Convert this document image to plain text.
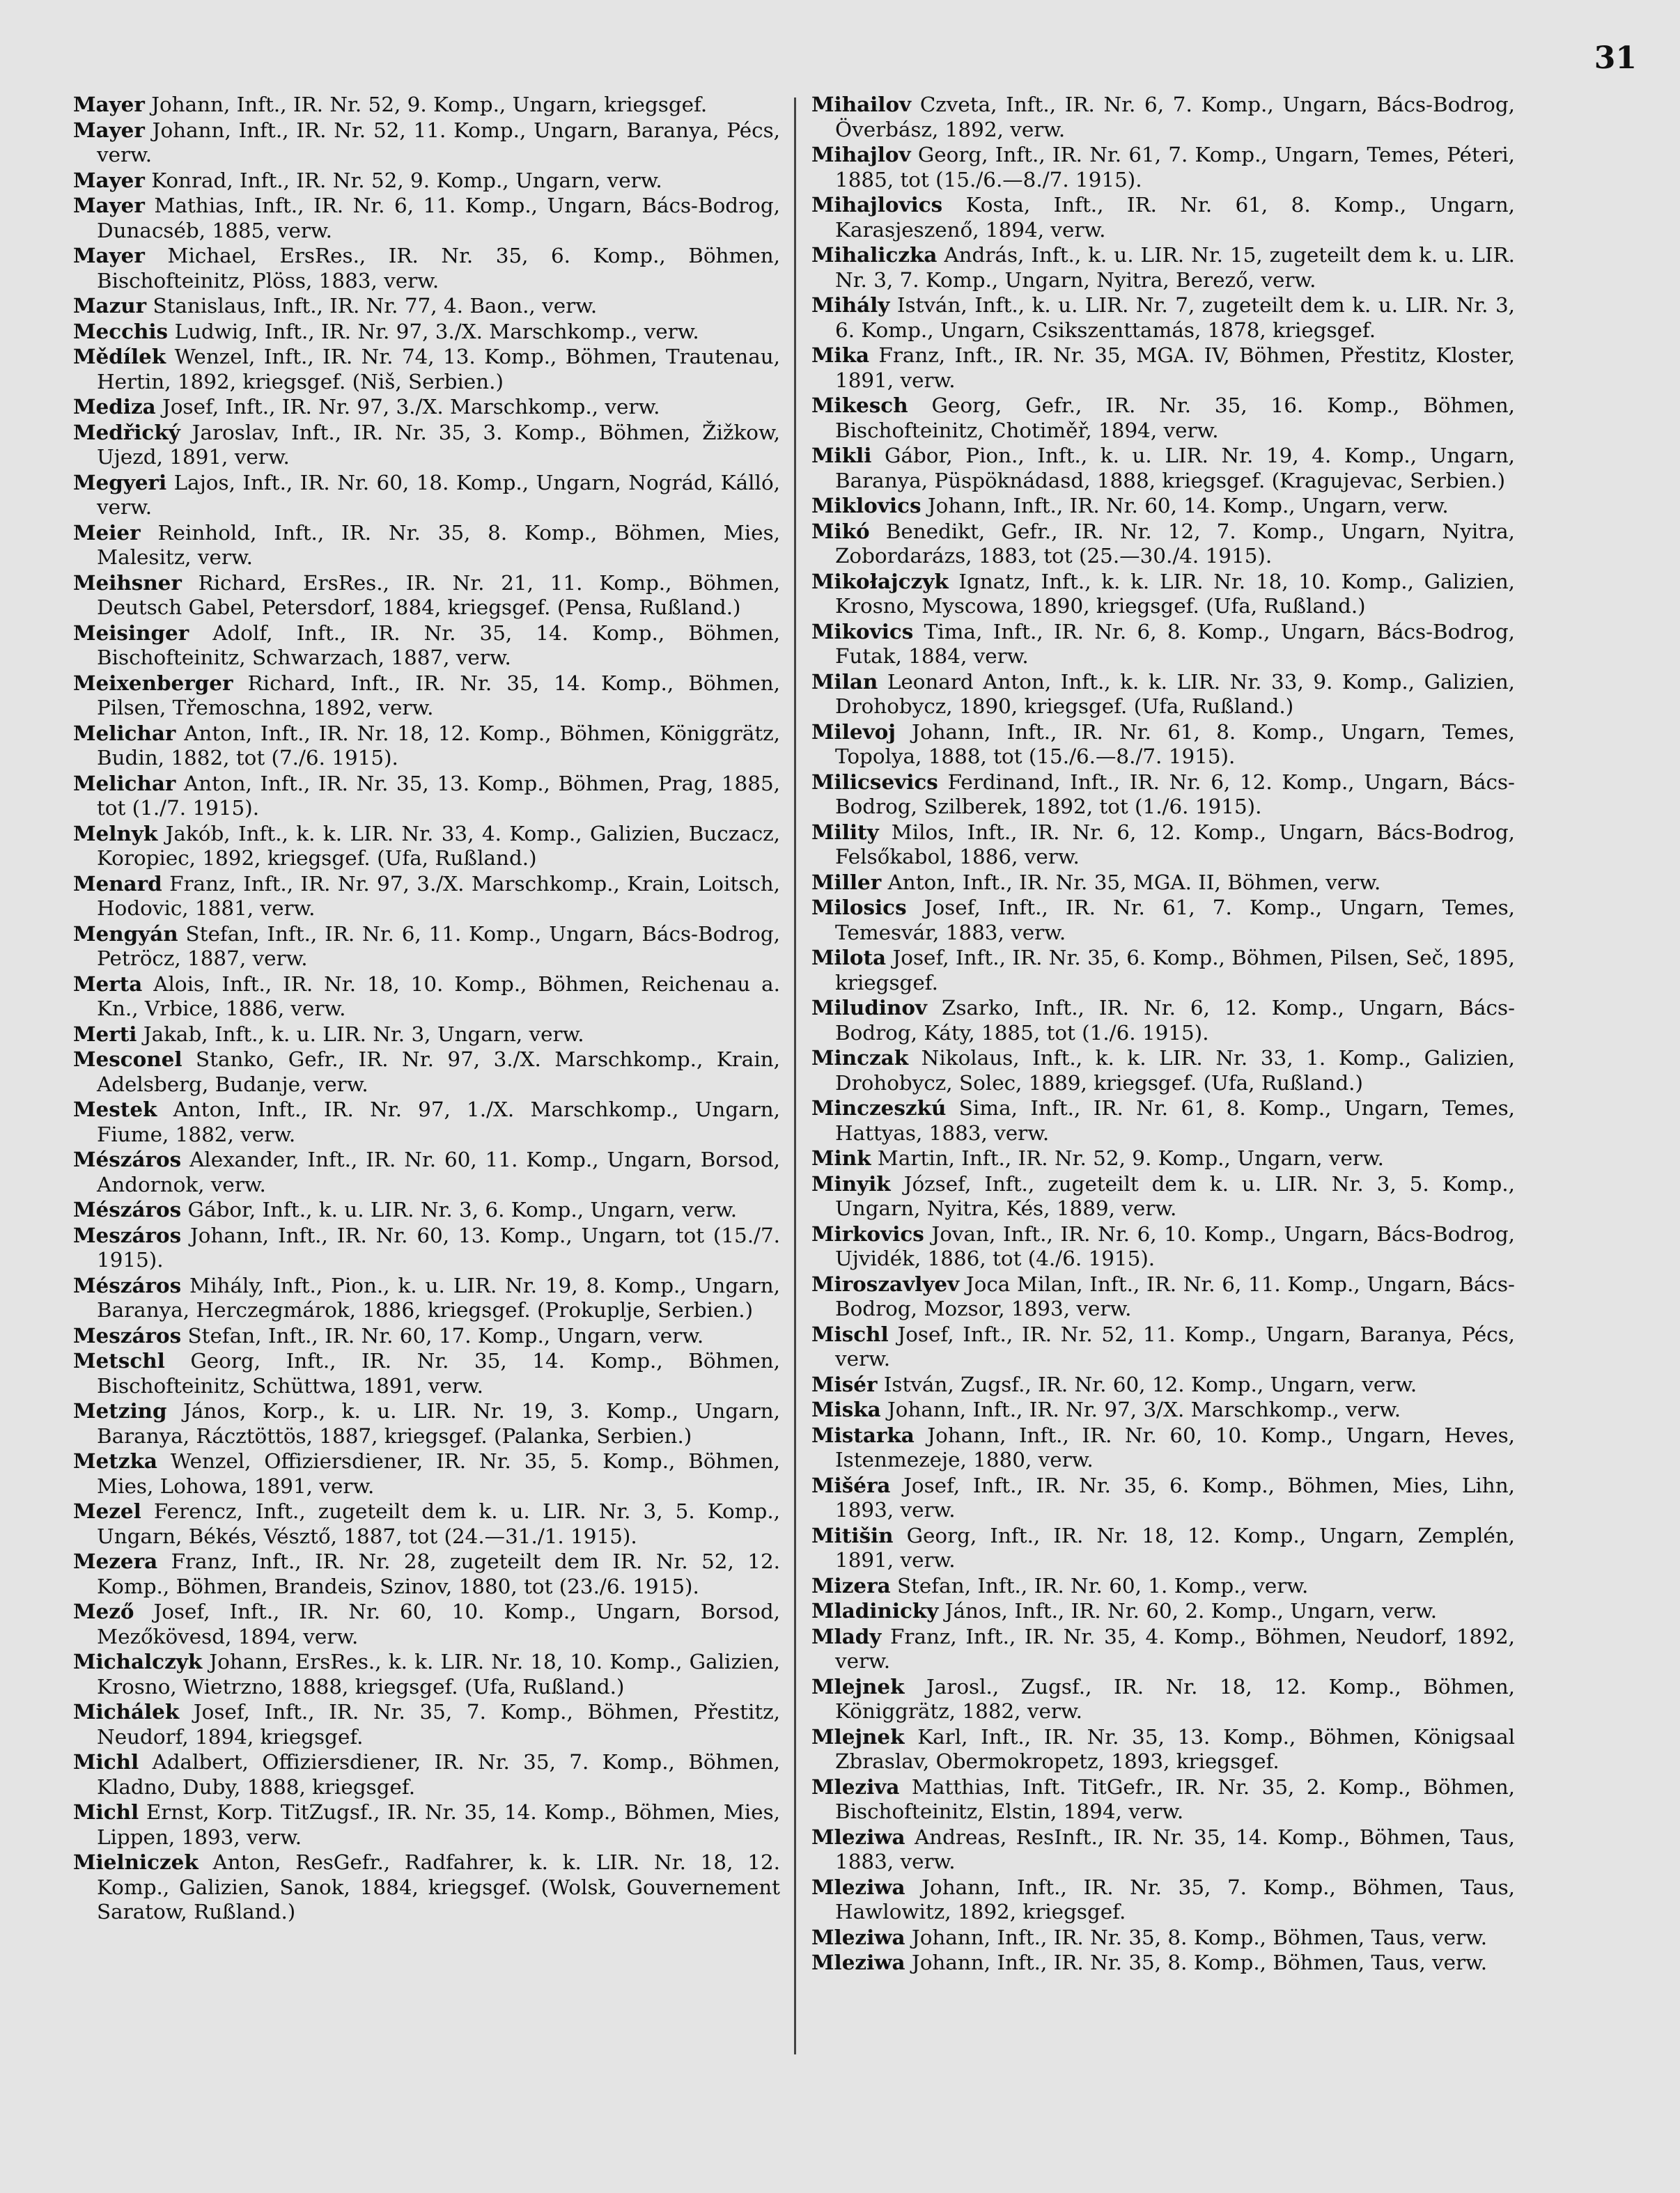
31

Mayer Johann, Inft., IR. Nr. 52, 9. Komp., Ungarn, kriegsgef.

Mayer Johann, Inft., IR. Nr. 52, 11. Komp., Ungarn, Baranya, Pécs, verw.

Mayer Konrad, Inft., IR. Nr. 52, 9. Komp., Ungarn, verw.

Mayer Mathias, Inft., IR. Nr. 6, 11. Komp., Ungarn, Bács-Bodrog, Dunacséb, 1885, verw.

Mayer Michael, ErsRes., IR. Nr. 35, 6. Komp., Böhmen, Bischofteinitz, Plöss, 1883, verw.

Mazur Stanislaus, Inft., IR. Nr. 77, 4. Baon., verw.

Mecchis Ludwig, Inft., IR. Nr. 97, 3./X. Marschkomp., verw.

Mědílek Wenzel, Inft., IR. Nr. 74, 13. Komp., Böhmen, Trautenau, Hertin, 1892, kriegsgef. (Niš, Serbien.)

Mediza Josef, Inft., IR. Nr. 97, 3./X. Marschkomp., verw.

Medřický Jaroslav, Inft., IR. Nr. 35, 3. Komp., Böhmen, Žižkow, Ujezd, 1891, verw.

Megyeri Lajos, Inft., IR. Nr. 60, 18. Komp., Ungarn, Nográd, Kálló, verw.

Meier Reinhold, Inft., IR. Nr. 35, 8. Komp., Böhmen, Mies, Malesitz, verw.

Meihsner Richard, ErsRes., IR. Nr. 21, 11. Komp., Böhmen, Deutsch Gabel, Petersdorf, 1884, kriegsgef. (Pensa, Rußland.)

Meisinger Adolf, Inft., IR. Nr. 35, 14. Komp., Böhmen, Bischofteinitz, Schwarzach, 1887, verw.

Meixenberger Richard, Inft., IR. Nr. 35, 14. Komp., Böhmen, Pilsen, Třemoschna, 1892, verw.

Melichar Anton, Inft., IR. Nr. 18, 12. Komp., Böhmen, Königgrätz, Budin, 1882, tot (7./6. 1915).

Melichar Anton, Inft., IR. Nr. 35, 13. Komp., Böhmen, Prag, 1885, tot (1./7. 1915).

Melnyk Jakób, Inft., k. k. LIR. Nr. 33, 4. Komp., Galizien, Buczacz, Koropiec, 1892, kriegsgef. (Ufa, Rußland.)

Menard Franz, Inft., IR. Nr. 97, 3./X. Marschkomp., Krain, Loitsch, Hodovic, 1881, verw.

Mengyán Stefan, Inft., IR. Nr. 6, 11. Komp., Ungarn, Bács-Bodrog, Petröcz, 1887, verw.

Merta Alois, Inft., IR. Nr. 18, 10. Komp., Böhmen, Reichenau a. Kn., Vrbice, 1886, verw.

Merti Jakab, Inft., k. u. LIR. Nr. 3, Ungarn, verw.

Mesconel Stanko, Gefr., IR. Nr. 97, 3./X. Marschkomp., Krain, Adelsberg, Budanje, verw.

Mestek Anton, Inft., IR. Nr. 97, 1./X. Marschkomp., Ungarn, Fiume, 1882, verw.

Mészáros Alexander, Inft., IR. Nr. 60, 11. Komp., Ungarn, Borsod, Andornok, verw.

Mészáros Gábor, Inft., k. u. LIR. Nr. 3, 6. Komp., Ungarn, verw.

Meszáros Johann, Inft., IR. Nr. 60, 13. Komp., Ungarn, tot (15./7. 1915).

Mészáros Mihály, Inft., Pion., k. u. LIR. Nr. 19, 8. Komp., Ungarn, Baranya, Herczegmárok, 1886, kriegsgef. (Prokuplje, Serbien.)

Meszáros Stefan, Inft., IR. Nr. 60, 17. Komp., Ungarn, verw.

Metschl Georg, Inft., IR. Nr. 35, 14. Komp., Böhmen, Bischofteinitz, Schüttwa, 1891, verw.

Metzing János, Korp., k. u. LIR. Nr. 19, 3. Komp., Ungarn, Baranya, Rácztöttös, 1887, kriegsgef. (Palanka, Serbien.)

Metzka Wenzel, Offiziersdiener, IR. Nr. 35, 5. Komp., Böhmen, Mies, Lohowa, 1891, verw.

Mezel Ferencz, Inft., zugeteilt dem k. u. LIR. Nr. 3, 5. Komp., Ungarn, Békés, Vésztő, 1887, tot (24.—31./1. 1915).

Mezera Franz, Inft., IR. Nr. 28, zugeteilt dem IR. Nr. 52, 12. Komp., Böhmen, Brandeis, Szinov, 1880, tot (23./6. 1915).

Mező Josef, Inft., IR. Nr. 60, 10. Komp., Ungarn, Borsod, Mezőkövesd, 1894, verw.

Michalczyk Johann, ErsRes., k. k. LIR. Nr. 18, 10. Komp., Galizien, Krosno, Wietrzno, 1888, kriegsgef. (Ufa, Rußland.)

Michálek Josef, Inft., IR. Nr. 35, 7. Komp., Böhmen, Přestitz, Neudorf, 1894, kriegsgef.

Michl Adalbert, Offiziersdiener, IR. Nr. 35, 7. Komp., Böhmen, Kladno, Duby, 1888, kriegsgef.

Michl Ernst, Korp. TitZugsf., IR. Nr. 35, 14. Komp., Böhmen, Mies, Lippen, 1893, verw.

Mielniczek Anton, ResGefr., Radfahrer, k. k. LIR. Nr. 18, 12. Komp., Galizien, Sanok, 1884, kriegsgef. (Wolsk, Gouvernement Saratow, Rußland.)

Mihailov Czveta, Inft., IR. Nr. 6, 7. Komp., Ungarn, Bács-Bodrog, Överbász, 1892, verw.

Mihajlov Georg, Inft., IR. Nr. 61, 7. Komp., Ungarn, Temes, Péteri, 1885, tot (15./6.—8./7. 1915).

Mihajlovics Kosta, Inft., IR. Nr. 61, 8. Komp., Ungarn, Karasjeszenő, 1894, verw.

Mihaliczka András, Inft., k. u. LIR. Nr. 15, zugeteilt dem k. u. LIR. Nr. 3, 7. Komp., Ungarn, Nyitra, Berező, verw.

Mihály István, Inft., k. u. LIR. Nr. 7, zugeteilt dem k. u. LIR. Nr. 3, 6. Komp., Ungarn, Csikszenttamás, 1878, kriegsgef.

Mika Franz, Inft., IR. Nr. 35, MGA. IV, Böhmen, Přestitz, Kloster, 1891, verw.

Mikesch Georg, Gefr., IR. Nr. 35, 16. Komp., Böhmen, Bischofteinitz, Chotiměř, 1894, verw.

Mikli Gábor, Pion., Inft., k. u. LIR. Nr. 19, 4. Komp., Ungarn, Baranya, Püspöknádasd, 1888, kriegsgef. (Kragujevac, Serbien.)

Miklovics Johann, Inft., IR. Nr. 60, 14. Komp., Ungarn, verw.

Mikó Benedikt, Gefr., IR. Nr. 12, 7. Komp., Ungarn, Nyitra, Zobordarázs, 1883, tot (25.—30./4. 1915).

Mikołajczyk Ignatz, Inft., k. k. LIR. Nr. 18, 10. Komp., Galizien, Krosno, Myscowa, 1890, kriegsgef. (Ufa, Rußland.)

Mikovics Tima, Inft., IR. Nr. 6, 8. Komp., Ungarn, Bács-Bodrog, Futak, 1884, verw.

Milan Leonard Anton, Inft., k. k. LIR. Nr. 33, 9. Komp., Galizien, Drohobycz, 1890, kriegsgef. (Ufa, Rußland.)

Milevoj Johann, Inft., IR. Nr. 61, 8. Komp., Ungarn, Temes, Topolya, 1888, tot (15./6.—8./7. 1915).

Milicsevics Ferdinand, Inft., IR. Nr. 6, 12. Komp., Ungarn, Bács-Bodrog, Szilberek, 1892, tot (1./6. 1915).

Mility Milos, Inft., IR. Nr. 6, 12. Komp., Ungarn, Bács-Bodrog, Felsőkabol, 1886, verw.

Miller Anton, Inft., IR. Nr. 35, MGA. II, Böhmen, verw.

Milosics Josef, Inft., IR. Nr. 61, 7. Komp., Ungarn, Temes, Temesvár, 1883, verw.

Milota Josef, Inft., IR. Nr. 35, 6. Komp., Böhmen, Pilsen, Seč, 1895, kriegsgef.

Miludinov Zsarko, Inft., IR. Nr. 6, 12. Komp., Ungarn, Bács-Bodrog, Káty, 1885, tot (1./6. 1915).

Minczak Nikolaus, Inft., k. k. LIR. Nr. 33, 1. Komp., Galizien, Drohobycz, Solec, 1889, kriegsgef. (Ufa, Rußland.)

Minczeszkú Sima, Inft., IR. Nr. 61, 8. Komp., Ungarn, Temes, Hattyas, 1883, verw.

Mink Martin, Inft., IR. Nr. 52, 9. Komp., Ungarn, verw.

Minyik József, Inft., zugeteilt dem k. u. LIR. Nr. 3, 5. Komp., Ungarn, Nyitra, Kés, 1889, verw.

Mirkovics Jovan, Inft., IR. Nr. 6, 10. Komp., Ungarn, Bács-Bodrog, Ujvidék, 1886, tot (4./6. 1915).

Miroszavlyev Joca Milan, Inft., IR. Nr. 6, 11. Komp., Ungarn, Bács-Bodrog, Mozsor, 1893, verw.

Mischl Josef, Inft., IR. Nr. 52, 11. Komp., Ungarn, Baranya, Pécs, verw.

Misér István, Zugsf., IR. Nr. 60, 12. Komp., Ungarn, verw.

Miska Johann, Inft., IR. Nr. 97, 3/X. Marschkomp., verw.

Mistarka Johann, Inft., IR. Nr. 60, 10. Komp., Ungarn, Heves, Istenmezeje, 1880, verw.

Mišéra Josef, Inft., IR. Nr. 35, 6. Komp., Böhmen, Mies, Lihn, 1893, verw.

Mitišin Georg, Inft., IR. Nr. 18, 12. Komp., Ungarn, Zemplén, 1891, verw.

Mizera Stefan, Inft., IR. Nr. 60, 1. Komp., verw.

Mladinicky János, Inft., IR. Nr. 60, 2. Komp., Ungarn, verw.

Mlady Franz, Inft., IR. Nr. 35, 4. Komp., Böhmen, Neudorf, 1892, verw.

Mlejnek Jarosl., Zugsf., IR. Nr. 18, 12. Komp., Böhmen, Königgrätz, 1882, verw.

Mlejnek Karl, Inft., IR. Nr. 35, 13. Komp., Böhmen, Königsaal Zbraslav, Obermokropetz, 1893, kriegsgef.

Mleziva Matthias, Inft. TitGefr., IR. Nr. 35, 2. Komp., Böhmen, Bischofteinitz, Elstin, 1894, verw.

Mleziwa Andreas, ResInft., IR. Nr. 35, 14. Komp., Böhmen, Taus, 1883, verw.

Mleziwa Johann, Inft., IR. Nr. 35, 7. Komp., Böhmen, Taus, Hawlowitz, 1892, kriegsgef.

Mleziwa Johann, Inft., IR. Nr. 35, 8. Komp., Böhmen, Taus, verw.

Mleziwa Johann, Inft., IR. Nr. 35, 8. Komp., Böhmen, Taus, verw.
